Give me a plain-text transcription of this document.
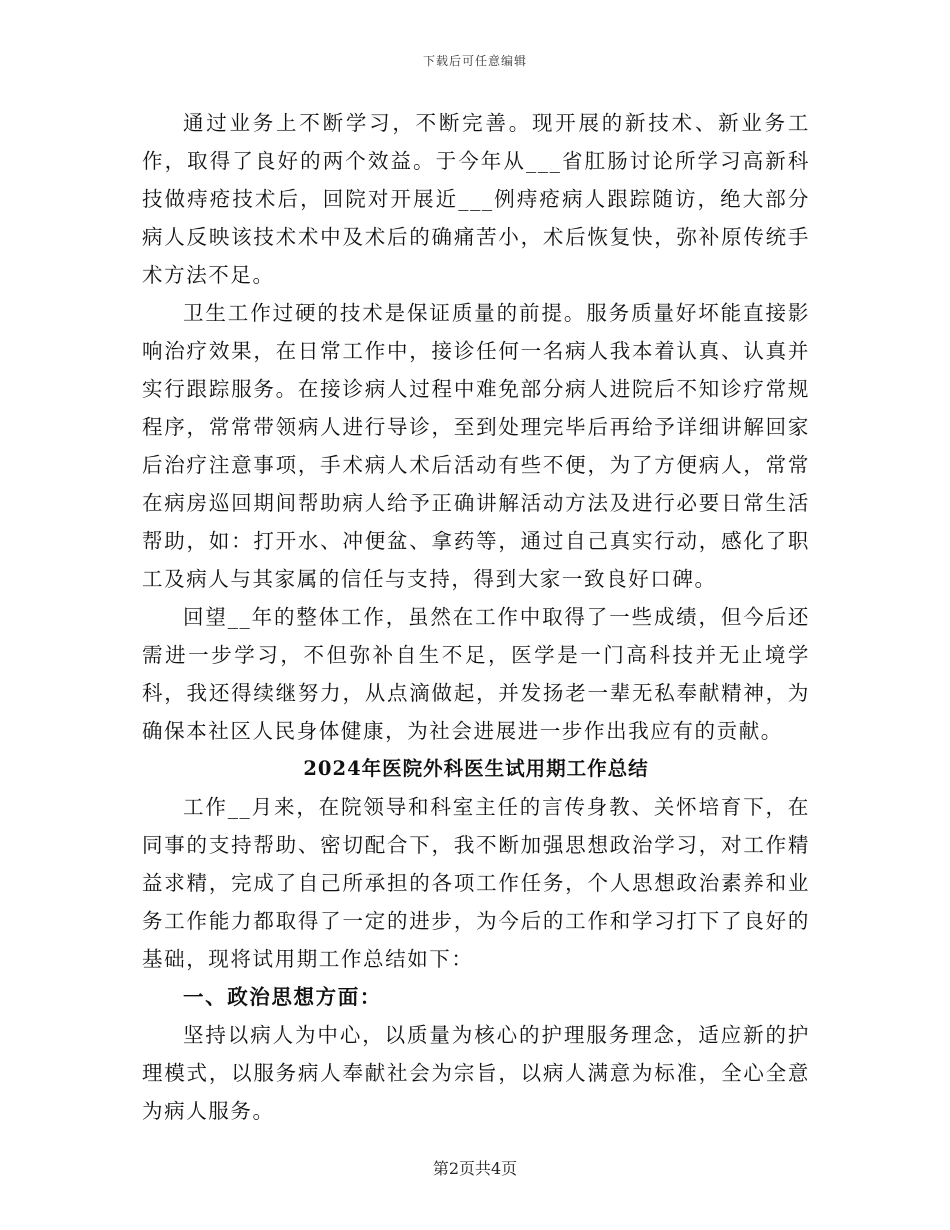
下载后可任意编辑

通过业务上不断学习，不断完善。现开展的新技术、新业务工作，取得了良好的两个效益。于今年从___省肛肠讨论所学习高新科技做痔疮技术后，回院对开展近___例痔疮病人跟踪随访，绝大部分病人反映该技术术中及术后的确痛苦小，术后恢复快，弥补原传统手术方法不足。

卫生工作过硬的技术是保证质量的前提。服务质量好坏能直接影响治疗效果，在日常工作中，接诊任何一名病人我本着认真、认真并实行跟踪服务。在接诊病人过程中难免部分病人进院后不知诊疗常规程序，常常带领病人进行导诊，至到处理完毕后再给予详细讲解回家后治疗注意事项，手术病人术后活动有些不便，为了方便病人，常常在病房巡回期间帮助病人给予正确讲解活动方法及进行必要日常生活帮助，如：打开水、冲便盆、拿药等，通过自己真实行动，感化了职工及病人与其家属的信任与支持，得到大家一致良好口碑。

回望__年的整体工作，虽然在工作中取得了一些成绩，但今后还需进一步学习，不但弥补自生不足，医学是一门高科技并无止境学科，我还得续继努力，从点滴做起，并发扬老一辈无私奉献精神，为确保本社区人民身体健康，为社会进展进一步作出我应有的贡献。

2024年医院外科医生试用期工作总结

工作__月来，在院领导和科室主任的言传身教、关怀培育下，在同事的支持帮助、密切配合下，我不断加强思想政治学习，对工作精益求精，完成了自己所承担的各项工作任务，个人思想政治素养和业务工作能力都取得了一定的进步，为今后的工作和学习打下了良好的基础，现将试用期工作总结如下：

一、政治思想方面：

坚持以病人为中心，以质量为核心的护理服务理念，适应新的护理模式，以服务病人奉献社会为宗旨，以病人满意为标准，全心全意为病人服务。

第2页共4页
